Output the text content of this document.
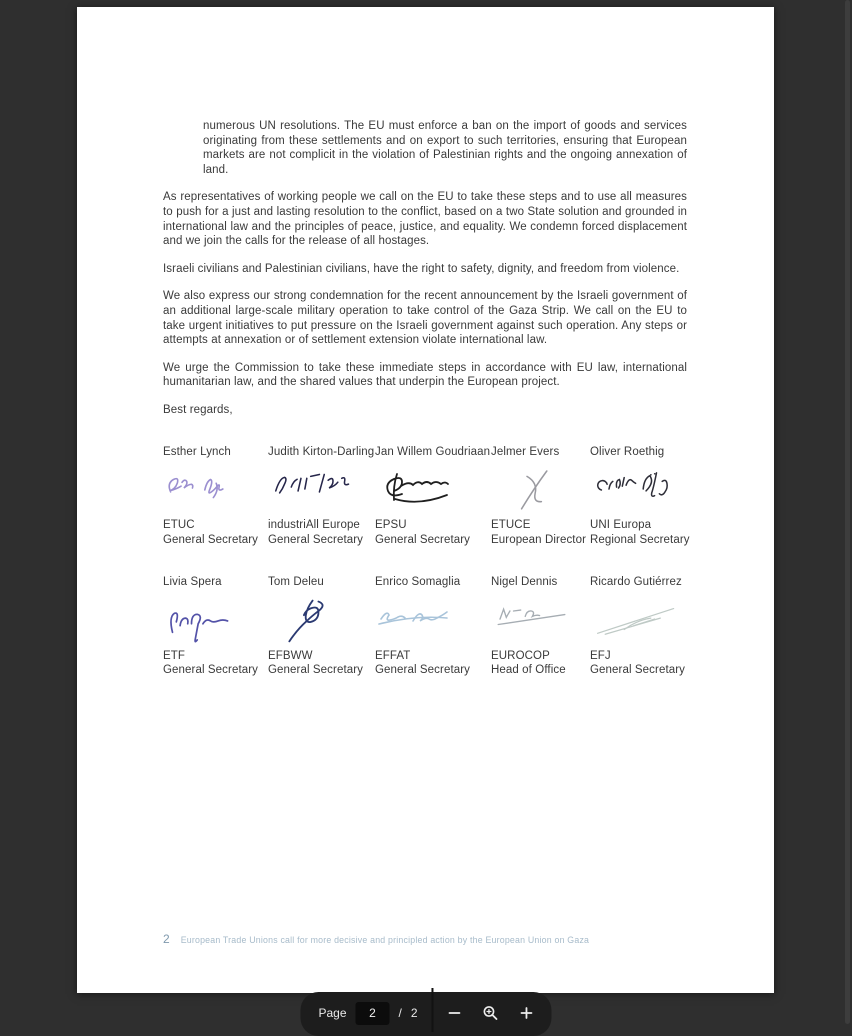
numerous UN resolutions. The EU must enforce a ban on the import of goods and services originating from these settlements and on export to such territories, ensuring that European markets are not complicit in the violation of Palestinian rights and the ongoing annexation of land.

As representatives of working people we call on the EU to take these steps and to use all measures to push for a just and lasting resolution to the conflict, based on a two State solution and grounded in international law and the principles of peace, justice, and equality. We condemn forced displacement and we join the calls for the release of all hostages.

Israeli civilians and Palestinian civilians, have the right to safety, dignity, and freedom from violence.

We also express our strong condemnation for the recent announcement by the Israeli government of an additional large-scale military operation to take control of the Gaza Strip. We call on the EU to take urgent initiatives to put pressure on the Israeli government against such operation. Any steps or attempts at annexation or of settlement extension violate international law.

We urge the Commission to take these immediate steps in accordance with EU law, international humanitarian law, and the shared values that underpin the European project.

Best regards,

Esther Lynch
ETUC
General Secretary
Judith Kirton-Darling
industriAll Europe
General Secretary
Jan Willem Goudriaan
EPSU
General Secretary
Jelmer Evers
ETUCE
European Director
Oliver Roethig
UNI Europa
Regional Secretary
Livia Spera
ETF
General Secretary
Tom Deleu
EFBWW
General Secretary
Enrico Somaglia
EFFAT
General Secretary
Nigel Dennis
EUROCOP
Head of Office
Ricardo Gutiérrez
EFJ
General Secretary
2 European Trade Unions call for more decisive and principled action by the European Union on Gaza
Page
2	/ 2
